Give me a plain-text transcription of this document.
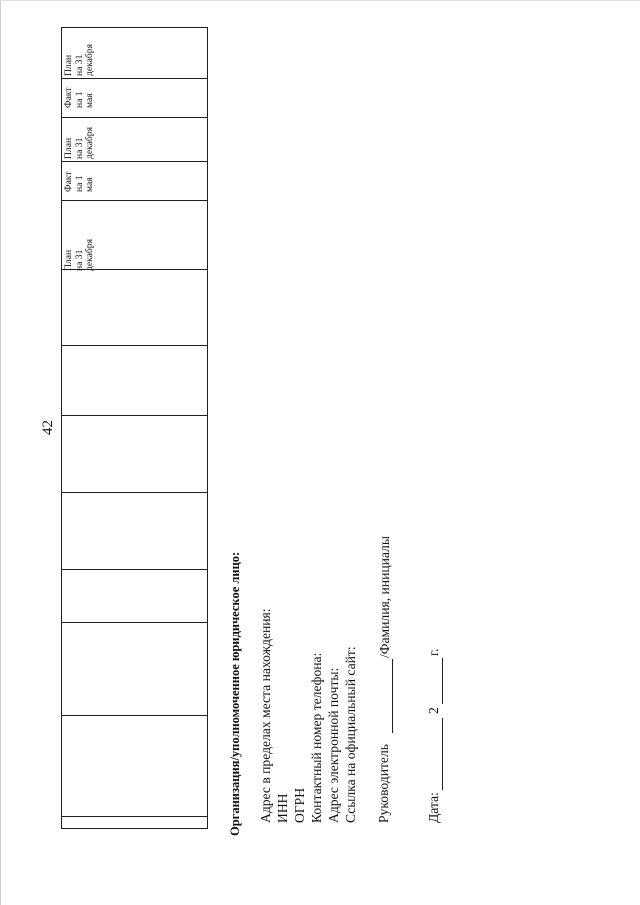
42
План на 31 декабря
Факт на 1 мая
План на 31 декабря
Факт на 1 мая
План на 31 декабря
Организация/уполномоченное юридическое лицо: Адрес в пределах места нахождения: ИНН ОГРН Контактный номер телефона: Адрес электронной почты: Ссылка на официальный сайт: Руководитель
/Фамилия, инициалы
Дата:
2
г.
